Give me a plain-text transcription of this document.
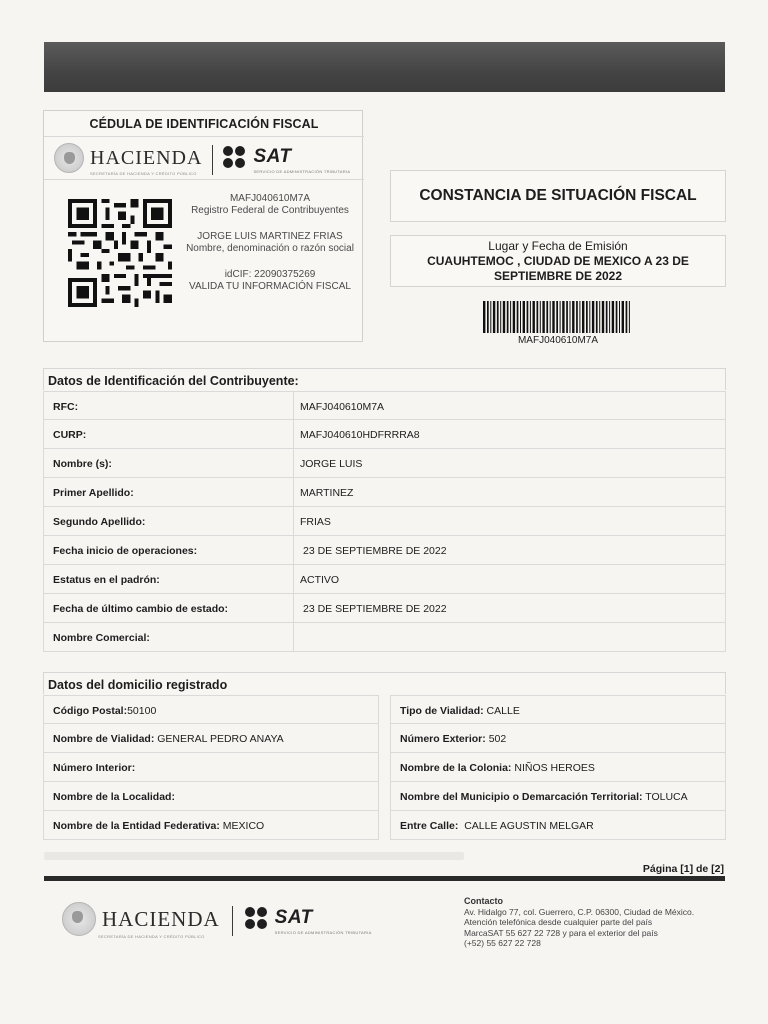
CÉDULA DE IDENTIFICACIÓN FISCAL
HACIENDA
SECRETARÍA DE HACIENDA Y CRÉDITO PÚBLICO
SAT
SERVICIO DE ADMINISTRACIÓN TRIBUTARIA
MAFJ040610M7A
Registro Federal de Contribuyentes
JORGE LUIS MARTINEZ FRIAS
Nombre, denominación o razón social
idCIF: 22090375269
VALIDA TU INFORMACIÓN FISCAL
CONSTANCIA DE SITUACIÓN FISCAL
Lugar y Fecha de Emisión
CUAUHTEMOC , CIUDAD DE MEXICO A 23 DE SEPTIEMBRE DE 2022
MAFJ040610M7A
Datos de Identificación del Contribuyente:
RFC:	MAFJ040610M7A
CURP:	MAFJ040610HDFRRRA8
Nombre (s):	JORGE LUIS
Primer Apellido:	MARTINEZ
Segundo Apellido:	FRIAS
Fecha inicio de operaciones:	23 DE SEPTIEMBRE DE 2022
Estatus en el padrón:	ACTIVO
Fecha de último cambio de estado:	23 DE SEPTIEMBRE DE 2022
Nombre Comercial:
Datos del domicilio registrado
Código Postal:50100	Tipo de Vialidad: CALLE
Nombre de Vialidad: GENERAL PEDRO ANAYA	Número Exterior: 502
Número Interior:	Nombre de la Colonia: NIÑOS HEROES
Nombre de la Localidad:	Nombre del Municipio o Demarcación Territorial: TOLUCA
Nombre de la Entidad Federativa: MEXICO	Entre Calle:  CALLE AGUSTIN MELGAR
Página [1] de [2]
HACIENDA
SECRETARÍA DE HACIENDA Y CRÉDITO PÚBLICO
SAT
SERVICIO DE ADMINISTRACIÓN TRIBUTARIA
Contacto
Av. Hidalgo 77, col. Guerrero, C.P. 06300, Ciudad de México.
Atención telefónica desde cualquier parte del país
MarcaSAT 55 627 22 728 y para el exterior del país
(+52) 55 627 22 728
